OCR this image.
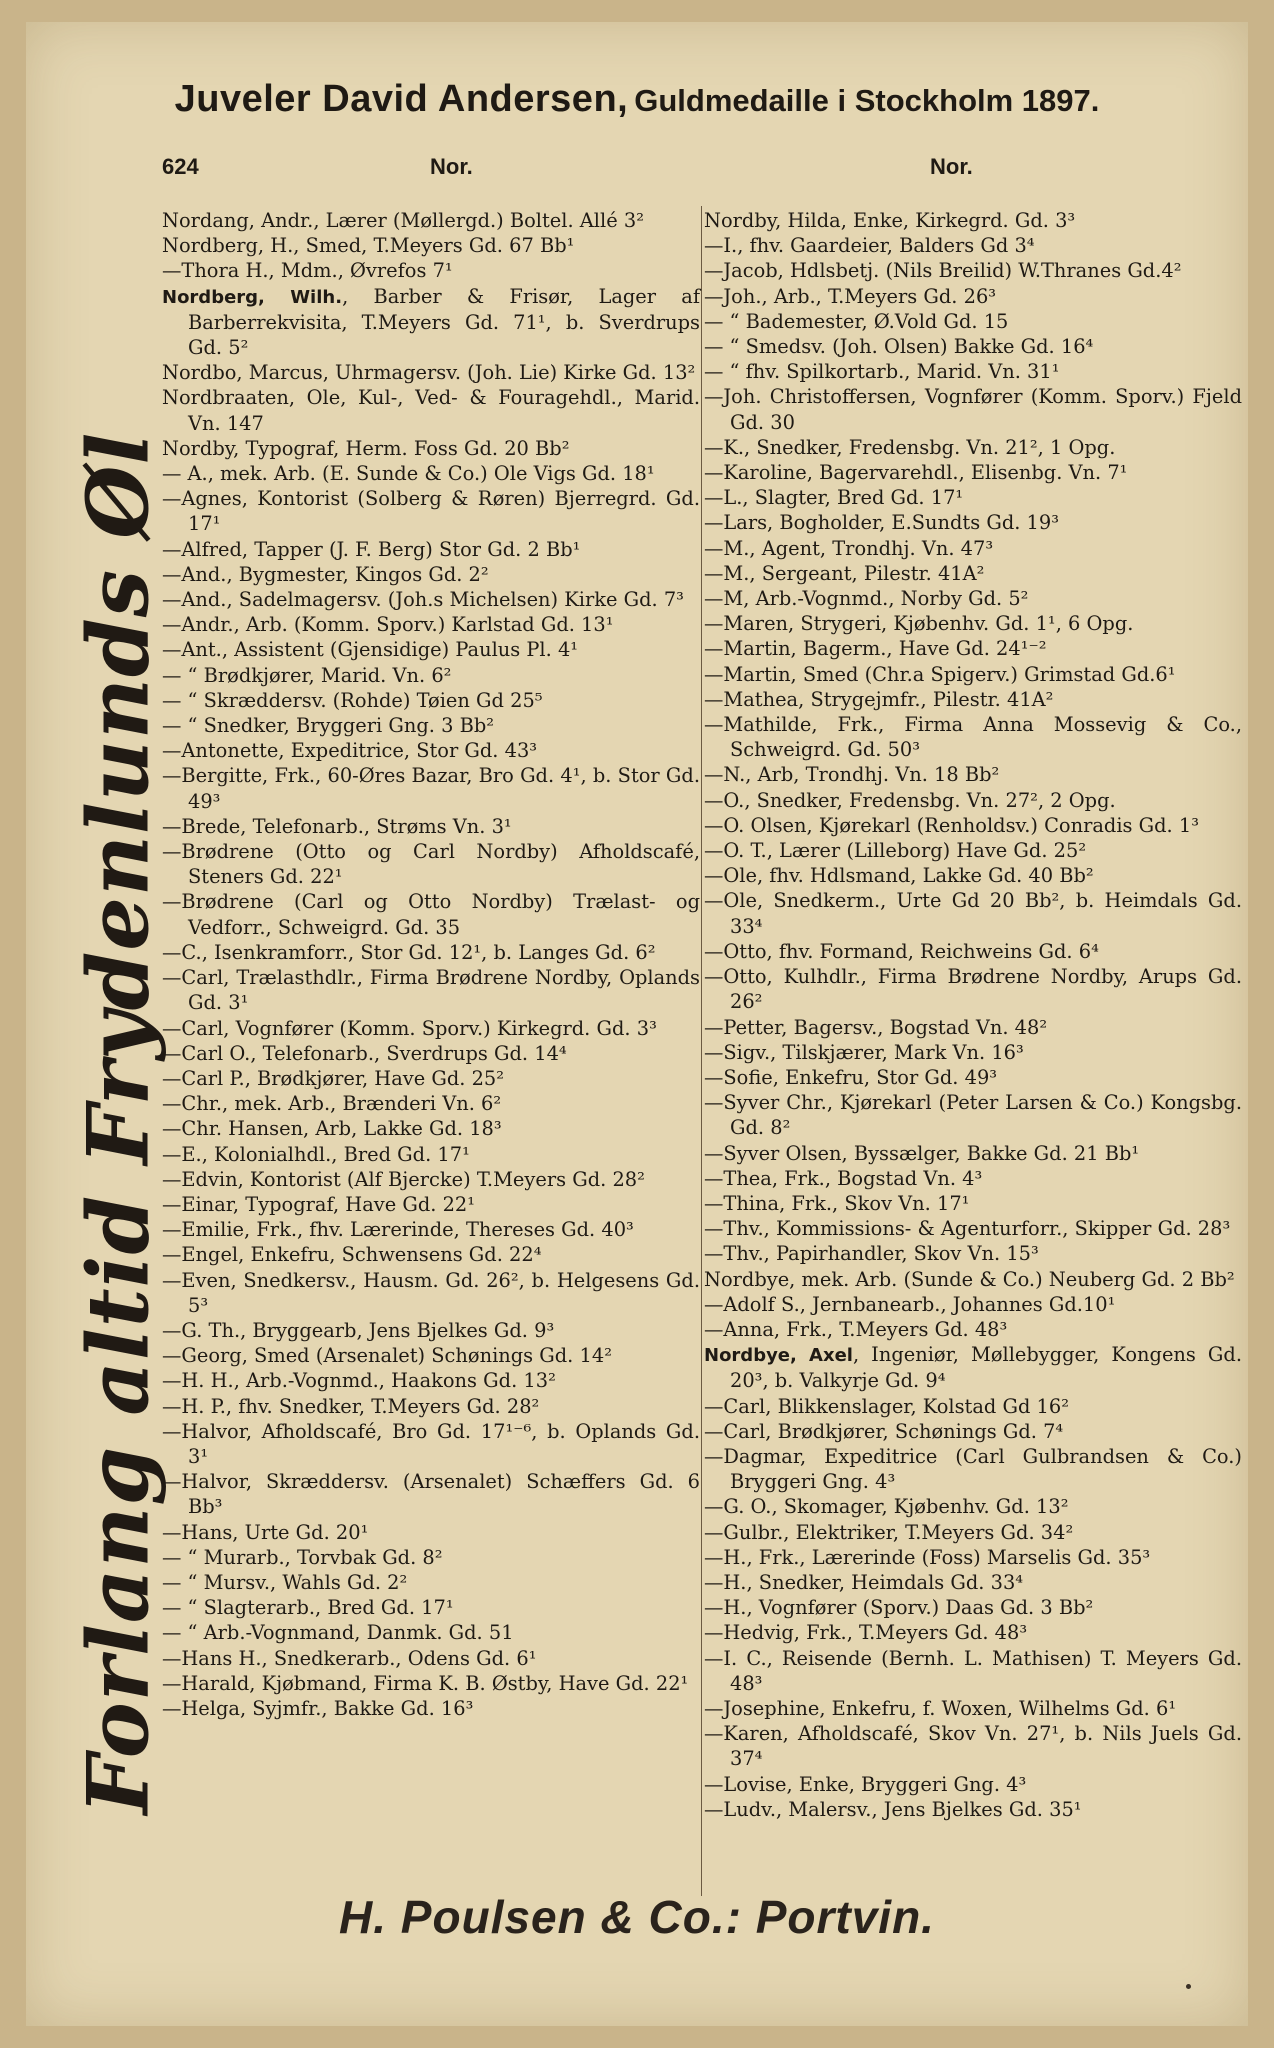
Juveler David Andersen, Guldmedaille i Stockholm 1897.
624	Nor.	Nor.
Forlang altid Frydenlunds Øl
Nordang, Andr., Lærer (Møllergd.) Boltel. Allé 3²
Nordberg, H., Smed, T.Meyers Gd. 67 Bb¹
—Thora H., Mdm., Øvrefos 7¹
Nordberg, Wilh., Barber & Frisør, Lager af Barberrekvisita, T.Meyers Gd. 71¹, b. Sverdrups Gd. 5²
Nordbo, Marcus, Uhrmagersv. (Joh. Lie) Kirke Gd. 13²
Nordbraaten, Ole, Kul-, Ved- & Fouragehdl., Marid. Vn. 147
Nordby, Typograf, Herm. Foss Gd. 20 Bb²
— A., mek. Arb. (E. Sunde & Co.) Ole Vigs Gd. 18¹
—Agnes, Kontorist (Solberg & Røren) Bjerregrd. Gd. 17¹
—Alfred, Tapper (J. F. Berg) Stor Gd. 2 Bb¹
—And., Bygmester, Kingos Gd. 2²
—And., Sadelmagersv. (Joh.s Michelsen) Kirke Gd. 7³
—Andr., Arb. (Komm. Sporv.) Karlstad Gd. 13¹
—Ant., Assistent (Gjensidige) Paulus Pl. 4¹
— “ Brødkjører, Marid. Vn. 6²
— “ Skræddersv. (Rohde) Tøien Gd 25⁵
— “ Snedker, Bryggeri Gng. 3 Bb²
—Antonette, Expeditrice, Stor Gd. 43³
—Bergitte, Frk., 60-Øres Bazar, Bro Gd. 4¹, b. Stor Gd. 49³
—Brede, Telefonarb., Strøms Vn. 3¹
—Brødrene (Otto og Carl Nordby) Afholdscafé, Steners Gd. 22¹
—Brødrene (Carl og Otto Nordby) Trælast- og Vedforr., Schweigrd. Gd. 35
—C., Isenkramforr., Stor Gd. 12¹, b. Langes Gd. 6²
—Carl, Trælasthdlr., Firma Brødrene Nordby, Oplands Gd. 3¹
—Carl, Vognfører (Komm. Sporv.) Kirkegrd. Gd. 3³
—Carl O., Telefonarb., Sverdrups Gd. 14⁴
—Carl P., Brødkjører, Have Gd. 25²
—Chr., mek. Arb., Brænderi Vn. 6²
—Chr. Hansen, Arb, Lakke Gd. 18³
—E., Kolonialhdl., Bred Gd. 17¹
—Edvin, Kontorist (Alf Bjercke) T.Meyers Gd. 28²
—Einar, Typograf, Have Gd. 22¹
—Emilie, Frk., fhv. Lærerinde, Thereses Gd. 40³
—Engel, Enkefru, Schwensens Gd. 22⁴
—Even, Snedkersv., Hausm. Gd. 26², b. Helgesens Gd. 5³
—G. Th., Bryggearb, Jens Bjelkes Gd. 9³
—Georg, Smed (Arsenalet) Schønings Gd. 14²
—H. H., Arb.-Vognmd., Haakons Gd. 13²
—H. P., fhv. Snedker, T.Meyers Gd. 28²
—Halvor, Afholdscafé, Bro Gd. 17¹⁻⁶, b. Oplands Gd. 3¹
—Halvor, Skræddersv. (Arsenalet) Schæffers Gd. 6 Bb³
—Hans, Urte Gd. 20¹
— “ Murarb., Torvbak Gd. 8²
— “ Mursv., Wahls Gd. 2²
— “ Slagterarb., Bred Gd. 17¹
— “ Arb.-Vognmand, Danmk. Gd. 51
—Hans H., Snedkerarb., Odens Gd. 6¹
—Harald, Kjøbmand, Firma K. B. Østby, Have Gd. 22¹
—Helga, Syjmfr., Bakke Gd. 16³
Nordby, Hilda, Enke, Kirkegrd. Gd. 3³
—I., fhv. Gaardeier, Balders Gd 3⁴
—Jacob, Hdlsbetj. (Nils Breilid) W.Thranes Gd.4²
—Joh., Arb., T.Meyers Gd. 26³
— “ Bademester, Ø.Vold Gd. 15
— “ Smedsv. (Joh. Olsen) Bakke Gd. 16⁴
— “ fhv. Spilkortarb., Marid. Vn. 31¹
—Joh. Christoffersen, Vognfører (Komm. Sporv.) Fjeld Gd. 30
—K., Snedker, Fredensbg. Vn. 21², 1 Opg.
—Karoline, Bagervarehdl., Elisenbg. Vn. 7¹
—L., Slagter, Bred Gd. 17¹
—Lars, Bogholder, E.Sundts Gd. 19³
—M., Agent, Trondhj. Vn. 47³
—M., Sergeant, Pilestr. 41A²
—M, Arb.-Vognmd., Norby Gd. 5²
—Maren, Strygeri, Kjøbenhv. Gd. 1¹, 6 Opg.
—Martin, Bagerm., Have Gd. 24¹⁻²
—Martin, Smed (Chr.a Spigerv.) Grimstad Gd.6¹
—Mathea, Strygejmfr., Pilestr. 41A²
—Mathilde, Frk., Firma Anna Mossevig & Co., Schweigrd. Gd. 50³
—N., Arb, Trondhj. Vn. 18 Bb²
—O., Snedker, Fredensbg. Vn. 27², 2 Opg.
—O. Olsen, Kjørekarl (Renholdsv.) Conradis Gd. 1³
—O. T., Lærer (Lilleborg) Have Gd. 25²
—Ole, fhv. Hdlsmand, Lakke Gd. 40 Bb²
—Ole, Snedkerm., Urte Gd 20 Bb², b. Heimdals Gd. 33⁴
—Otto, fhv. Formand, Reichweins Gd. 6⁴
—Otto, Kulhdlr., Firma Brødrene Nordby, Arups Gd. 26²
—Petter, Bagersv., Bogstad Vn. 48²
—Sigv., Tilskjærer, Mark Vn. 16³
—Sofie, Enkefru, Stor Gd. 49³
—Syver Chr., Kjørekarl (Peter Larsen & Co.) Kongsbg. Gd. 8²
—Syver Olsen, Byssælger, Bakke Gd. 21 Bb¹
—Thea, Frk., Bogstad Vn. 4³
—Thina, Frk., Skov Vn. 17¹
—Thv., Kommissions- & Agenturforr., Skipper Gd. 28³
—Thv., Papirhandler, Skov Vn. 15³
Nordbye, mek. Arb. (Sunde & Co.) Neuberg Gd. 2 Bb²
—Adolf S., Jernbanearb., Johannes Gd.10¹
—Anna, Frk., T.Meyers Gd. 48³
Nordbye, Axel, Ingeniør, Møllebygger, Kongens Gd. 20³, b. Valkyrje Gd. 9⁴
—Carl, Blikkenslager, Kolstad Gd 16²
—Carl, Brødkjører, Schønings Gd. 7⁴
—Dagmar, Expeditrice (Carl Gulbrandsen & Co.) Bryggeri Gng. 4³
—G. O., Skomager, Kjøbenhv. Gd. 13²
—Gulbr., Elektriker, T.Meyers Gd. 34²
—H., Frk., Lærerinde (Foss) Marselis Gd. 35³
—H., Snedker, Heimdals Gd. 33⁴
—H., Vognfører (Sporv.) Daas Gd. 3 Bb²
—Hedvig, Frk., T.Meyers Gd. 48³
—I. C., Reisende (Bernh. L. Mathisen) T. Meyers Gd. 48³
—Josephine, Enkefru, f. Woxen, Wilhelms Gd. 6¹
—Karen, Afholdscafé, Skov Vn. 27¹, b. Nils Juels Gd. 37⁴
—Lovise, Enke, Bryggeri Gng. 4³
—Ludv., Malersv., Jens Bjelkes Gd. 35¹
H. Poulsen & Co.: Portvin.
